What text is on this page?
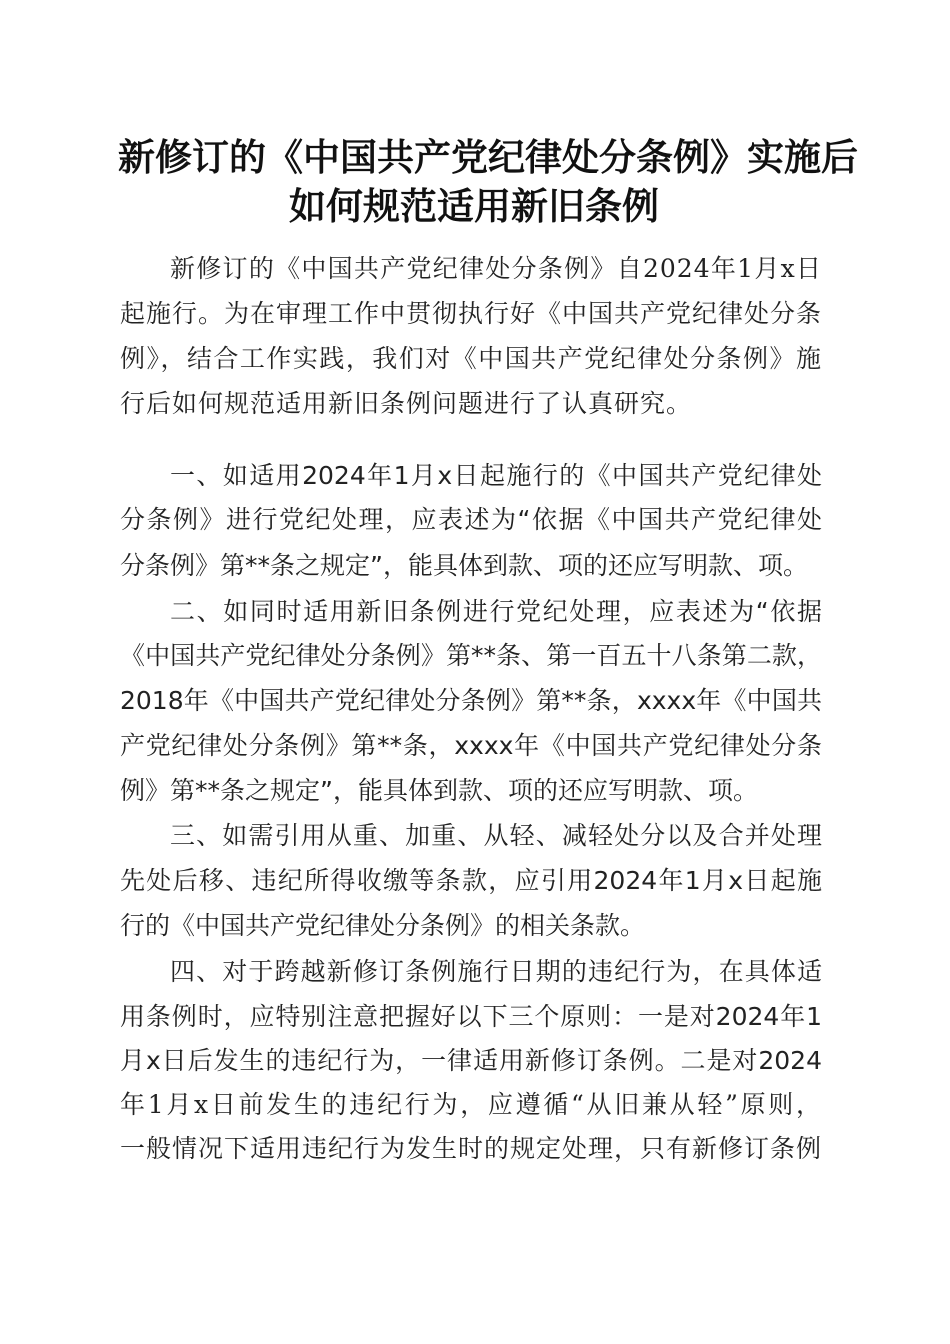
新修订的《中国共产党纪律处分条例》实施后
如何规范适用新旧条例
新修订的《中国共产党纪律处分条例》自2024年1月x日
起施行。为在审理工作中贯彻执行好《中国共产党纪律处分条
例》，结合工作实践，我们对《中国共产党纪律处分条例》施
行后如何规范适用新旧条例问题进行了认真研究。
一、如适用2024年1月x日起施行的《中国共产党纪律处
分条例》进行党纪处理，应表述为“依据《中国共产党纪律处
分条例》第**条之规定”，能具体到款、项的还应写明款、项。
二、如同时适用新旧条例进行党纪处理，应表述为“依据
《中国共产党纪律处分条例》第**条、第一百五十八条第二款，
2018年《中国共产党纪律处分条例》第**条，xxxx年《中国共
产党纪律处分条例》第**条，xxxx年《中国共产党纪律处分条
例》第**条之规定”，能具体到款、项的还应写明款、项。
三、如需引用从重、加重、从轻、减轻处分以及合并处理
先处后移、违纪所得收缴等条款，应引用2024年1月x日起施
行的《中国共产党纪律处分条例》的相关条款。
四、对于跨越新修订条例施行日期的违纪行为，在具体适
用条例时，应特别注意把握好以下三个原则：一是对2024年1
月x日后发生的违纪行为，一律适用新修订条例。二是对2024
年1月x日前发生的违纪行为，应遵循“从旧兼从轻”原则，
一般情况下适用违纪行为发生时的规定处理，只有新修订条例
